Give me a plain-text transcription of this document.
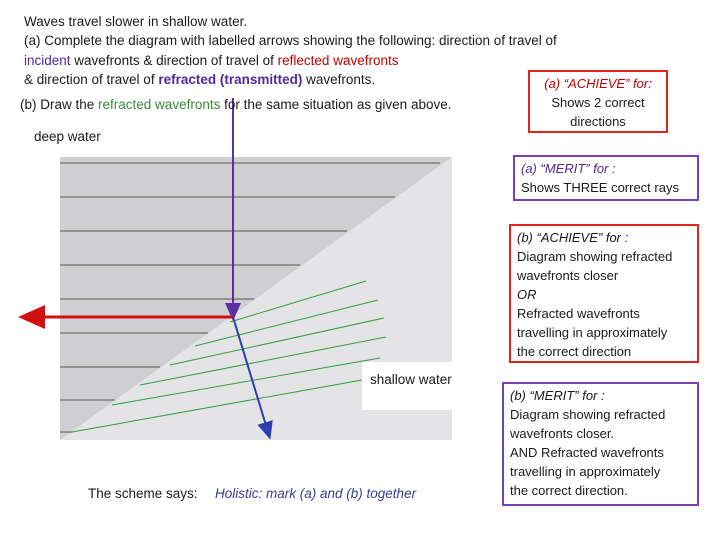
Waves travel slower in shallow water.
(a) Complete the diagram with labelled arrows showing the following: direction of travel of
incident wavefronts & direction of travel of reflected wavefronts
& direction of travel of refracted (transmitted) wavefronts.
(b) Draw the refracted wavefronts for the same situation as given above.
deep water
shallow water
The scheme says: Holistic: mark (a) and (b) together
(a) “ACHIEVE” for:
Shows 2 correct
directions
(a) “MERIT” for :
Shows THREE correct rays
(b) “ACHIEVE” for :
Diagram showing refracted
wavefronts closer
OR
Refracted wavefronts
travelling in approximately
the correct direction
(b) “MERIT” for :
Diagram showing refracted
wavefronts closer.
AND Refracted wavefronts
travelling in approximately
the correct direction.
